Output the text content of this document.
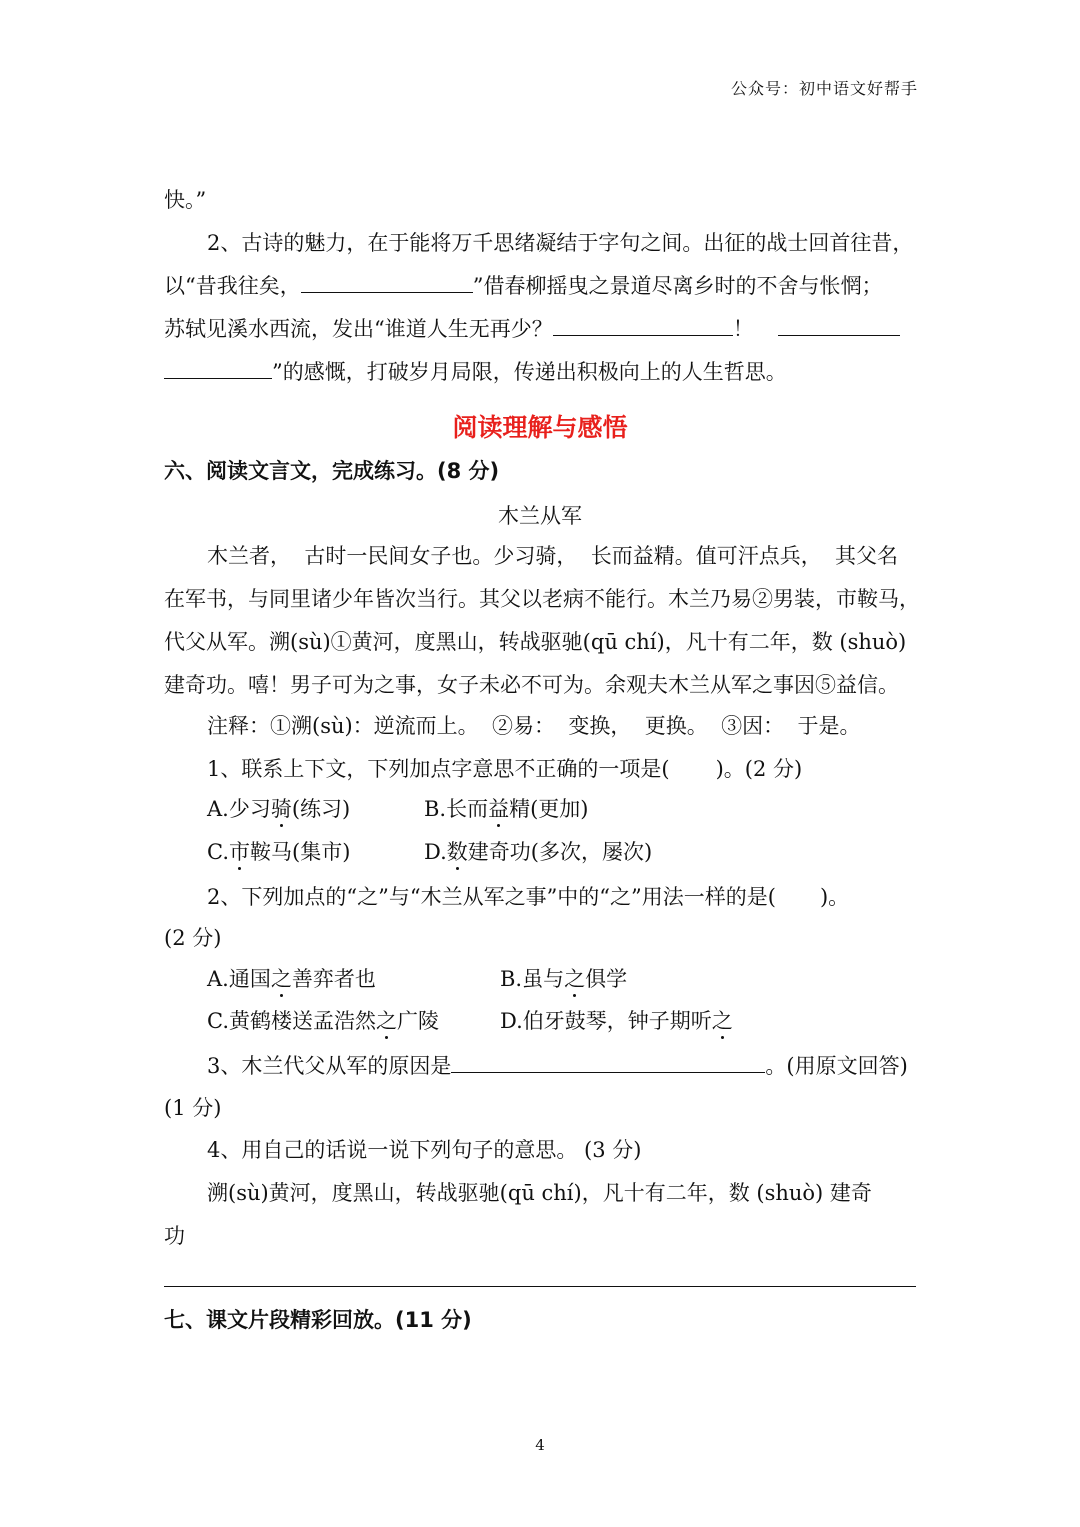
公众号：初中语文好帮手
快。”
2、古诗的魅力，在于能将万千思绪凝结于字句之间。出征的战士回首往昔，
以“昔我往矣，	”借春柳摇曳之景道尽离乡时的不舍与怅惘；
苏轼见溪水西流，发出“谁道人生无再少？	！
”的感慨，打破岁月局限，传递出积极向上的人生哲思。
阅读理解与感悟
六、阅读文言文，完成练习。(8 分)
木兰从军
木兰者，  古时一民间女子也。少习骑，  长而益精。值可汗点兵，  其父名
在军书，与同里诸少年皆次当行。其父以老病不能行。木兰乃易②男装，市鞍马，
代父从军。溯(sù)①黄河，度黑山，转战驱驰(qū chí)，凡十有二年，数 (shuò)
建奇功。嘻！男子可为之事，女子未必不可为。余观夫木兰从军之事因⑤益信。
注释：①溯(sù)：逆流而上。  ②易：  变换，  更换。  ③因：  于是。
1、联系上下文，下列加点字意思不正确的一项是( )。(2 分)
A.少习骑(练习)	B.长而益精(更加)
C.市鞍马(集市)	D.数建奇功(多次，屡次)
2、下列加点的“之”与“木兰从军之事”中的“之”用法一样的是( )。
(2 分)
A.通国之善弈者也	B.虽与之俱学
C.黄鹤楼送孟浩然之广陵	D.伯牙鼓琴，钟子期听之
3、木兰代父从军的原因是	。(用原文回答)
(1 分)
4、用自己的话说一说下列句子的意思。 (3 分)
溯(sù)黄河，度黑山，转战驱驰(qū chí)，凡十有二年，数 (shuò) 建奇
功
七、课文片段精彩回放。(11 分)
4
